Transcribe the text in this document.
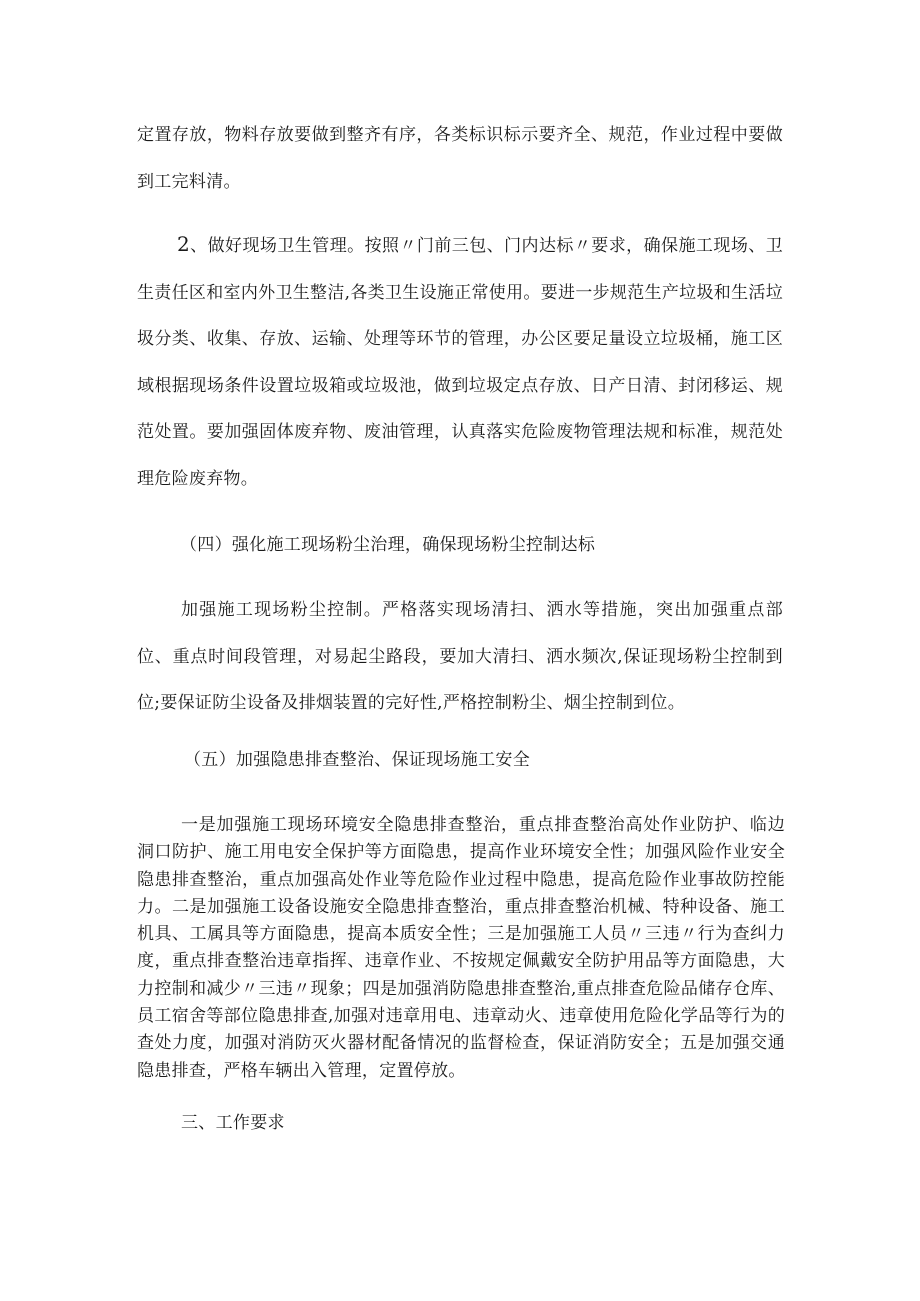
定置存放，物料存放要做到整齐有序，各类标识标示要齐全、规范，作业过程中要做到工完料清。

2、做好现场卫生管理。按照〃门前三包、门内达标〃要求，确保施工现场、卫生责任区和室内外卫生整洁,各类卫生设施正常使用。要进一步规范生产垃圾和生活垃圾分类、收集、存放、运输、处理等环节的管理，办公区要足量设立垃圾桶，施工区域根据现场条件设置垃圾箱或垃圾池，做到垃圾定点存放、日产日清、封闭移运、规范处置。要加强固体废弃物、废油管理，认真落实危险废物管理法规和标准，规范处理危险废弃物。

（四）强化施工现场粉尘治理，确保现场粉尘控制达标

加强施工现场粉尘控制。严格落实现场清扫、洒水等措施，突出加强重点部位、重点时间段管理，对易起尘路段，要加大清扫、洒水频次,保证现场粉尘控制到位;要保证防尘设备及排烟装置的完好性,严格控制粉尘、烟尘控制到位。

（五）加强隐患排查整治、保证现场施工安全

一是加强施工现场环境安全隐患排查整治，重点排查整治高处作业防护、临边洞口防护、施工用电安全保护等方面隐患，提高作业环境安全性；加强风险作业安全隐患排查整治，重点加强高处作业等危险作业过程中隐患，提高危险作业事故防控能力。二是加强施工设备设施安全隐患排查整治，重点排查整治机械、特种设备、施工机具、工属具等方面隐患，提高本质安全性；三是加强施工人员〃三违〃行为查纠力度，重点排查整治违章指挥、违章作业、不按规定佩戴安全防护用品等方面隐患，大力控制和减少〃三违〃现象；四是加强消防隐患排查整治,重点排查危险品储存仓库、员工宿舍等部位隐患排查,加强对违章用电、违章动火、违章使用危险化学品等行为的查处力度，加强对消防灭火器材配备情况的监督检查，保证消防安全；五是加强交通隐患排查，严格车辆出入管理，定置停放。

三、工作要求
